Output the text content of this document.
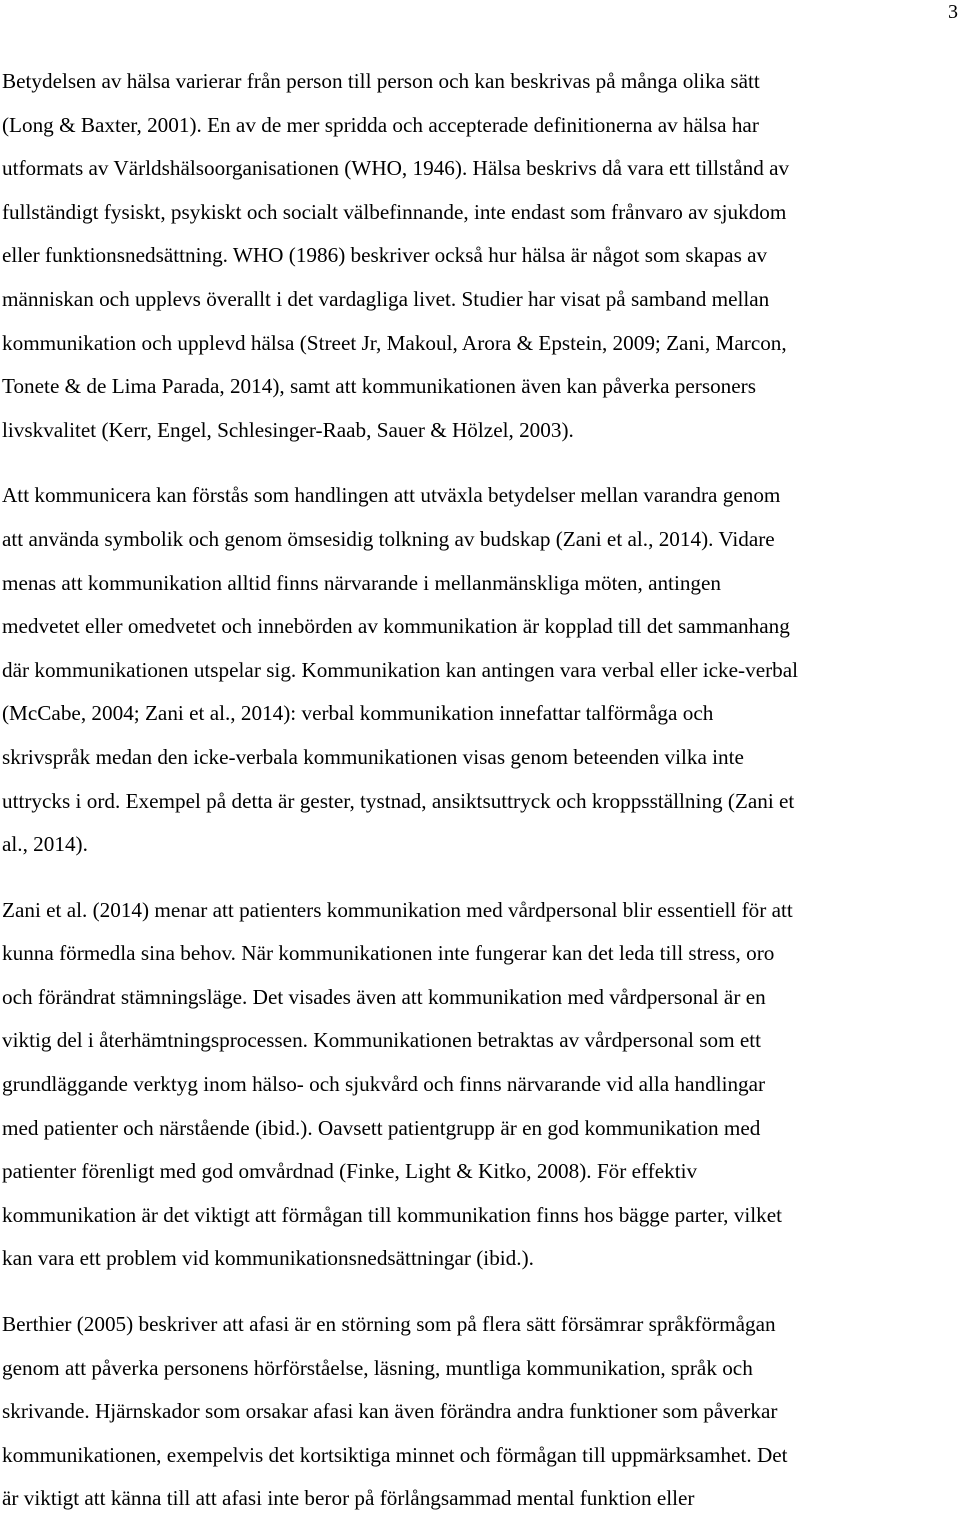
3

Betydelsen av hälsa varierar från person till person och kan beskrivas på många olika sätt
(Long & Baxter, 2001). En av de mer spridda och accepterade definitionerna av hälsa har
utformats av Världshälsoorganisationen (WHO, 1946). Hälsa beskrivs då vara ett tillstånd av
fullständigt fysiskt, psykiskt och socialt välbefinnande, inte endast som frånvaro av sjukdom
eller funktionsnedsättning. WHO (1986) beskriver också hur hälsa är något som skapas av
människan och upplevs överallt i det vardagliga livet. Studier har visat på samband mellan
kommunikation och upplevd hälsa (Street Jr, Makoul, Arora & Epstein, 2009; Zani, Marcon,
Tonete & de Lima Parada, 2014), samt att kommunikationen även kan påverka personers
livskvalitet (Kerr, Engel, Schlesinger-Raab, Sauer & Hölzel, 2003).

Att kommunicera kan förstås som handlingen att utväxla betydelser mellan varandra genom
att använda symbolik och genom ömsesidig tolkning av budskap (Zani et al., 2014). Vidare
menas att kommunikation alltid finns närvarande i mellanmänskliga möten, antingen
medvetet eller omedvetet och innebörden av kommunikation är kopplad till det sammanhang
där kommunikationen utspelar sig. Kommunikation kan antingen vara verbal eller icke-verbal
(McCabe, 2004; Zani et al., 2014): verbal kommunikation innefattar talförmåga och
skrivspråk medan den icke-verbala kommunikationen visas genom beteenden vilka inte
uttrycks i ord. Exempel på detta är gester, tystnad, ansiktsuttryck och kroppsställning (Zani et
al., 2014).

Zani et al. (2014) menar att patienters kommunikation med vårdpersonal blir essentiell för att
kunna förmedla sina behov. När kommunikationen inte fungerar kan det leda till stress, oro
och förändrat stämningsläge. Det visades även att kommunikation med vårdpersonal är en
viktig del i återhämtningsprocessen. Kommunikationen betraktas av vårdpersonal som ett
grundläggande verktyg inom hälso- och sjukvård och finns närvarande vid alla handlingar
med patienter och närstående (ibid.). Oavsett patientgrupp är en god kommunikation med
patienter förenligt med god omvårdnad (Finke, Light & Kitko, 2008). För effektiv
kommunikation är det viktigt att förmågan till kommunikation finns hos bägge parter, vilket
kan vara ett problem vid kommunikationsnedsättningar (ibid.).

Berthier (2005) beskriver att afasi är en störning som på flera sätt försämrar språkförmågan
genom att påverka personens hörförståelse, läsning, muntliga kommunikation, språk och
skrivande. Hjärnskador som orsakar afasi kan även förändra andra funktioner som påverkar
kommunikationen, exempelvis det kortsiktiga minnet och förmågan till uppmärksamhet. Det
är viktigt att känna till att afasi inte beror på förlångsammad mental funktion eller
